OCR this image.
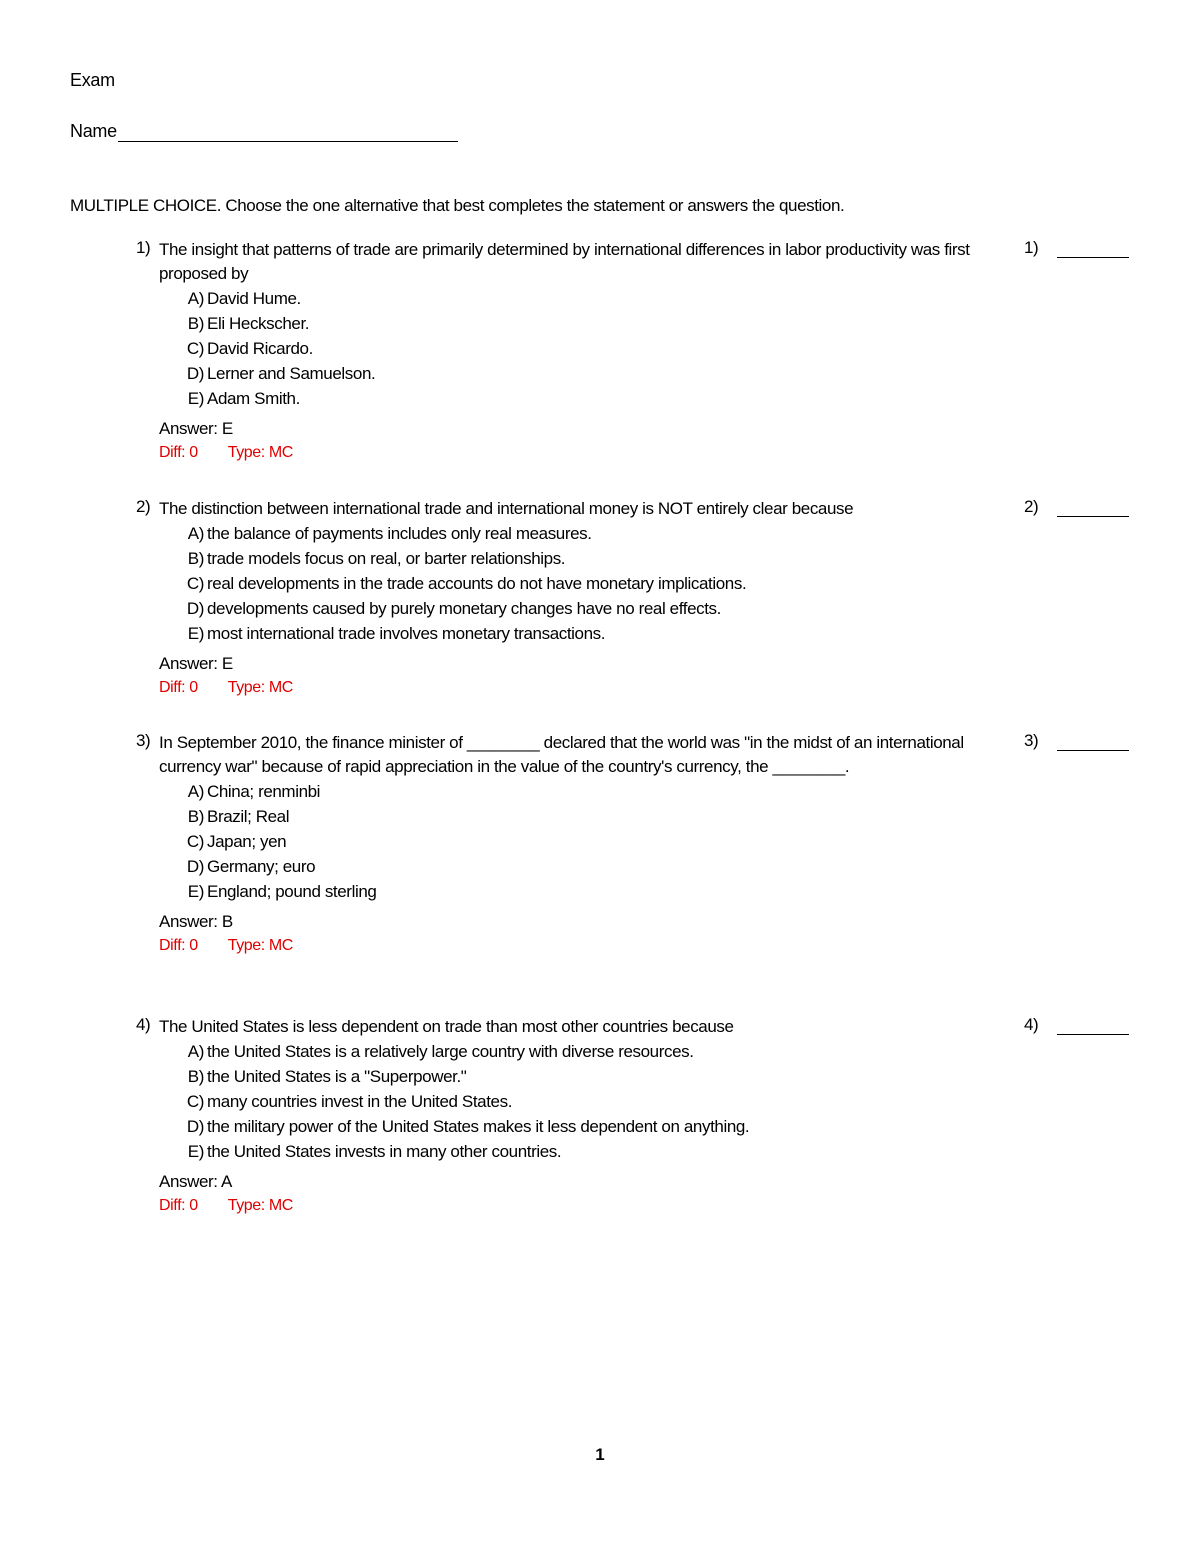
Exam
Name
MULTIPLE CHOICE. Choose the one alternative that best completes the statement or answers the question.
1) The insight that patterns of trade are primarily determined by international differences in labor productivity was first proposed by
1)
A) David Hume.
B) Eli Heckscher.
C) David Ricardo.
D) Lerner and Samuelson.
E) Adam Smith.
Answer: E
Diff: 0 Type: MC
2) The distinction between international trade and international money is NOT entirely clear because	2)
A) the balance of payments includes only real measures.
B) trade models focus on real, or barter relationships.
C) real developments in the trade accounts do not have monetary implications.
D) developments caused by purely monetary changes have no real effects.
E) most international trade involves monetary transactions.
Answer: E
Diff: 0 Type: MC
3) In September 2010, the finance minister of ________ declared that the world was "in the midst of an international currency war" because of rapid appreciation in the value of the country's currency, the ________.
3)
A) China; renminbi
B) Brazil; Real
C) Japan; yen
D) Germany; euro
E) England; pound sterling
Answer: B
Diff: 0 Type: MC
4) The United States is less dependent on trade than most other countries because	4)
A) the United States is a relatively large country with diverse resources.
B) the United States is a "Superpower."
C) many countries invest in the United States.
D) the military power of the United States makes it less dependent on anything.
E) the United States invests in many other countries.
Answer: A
Diff: 0 Type: MC
1
